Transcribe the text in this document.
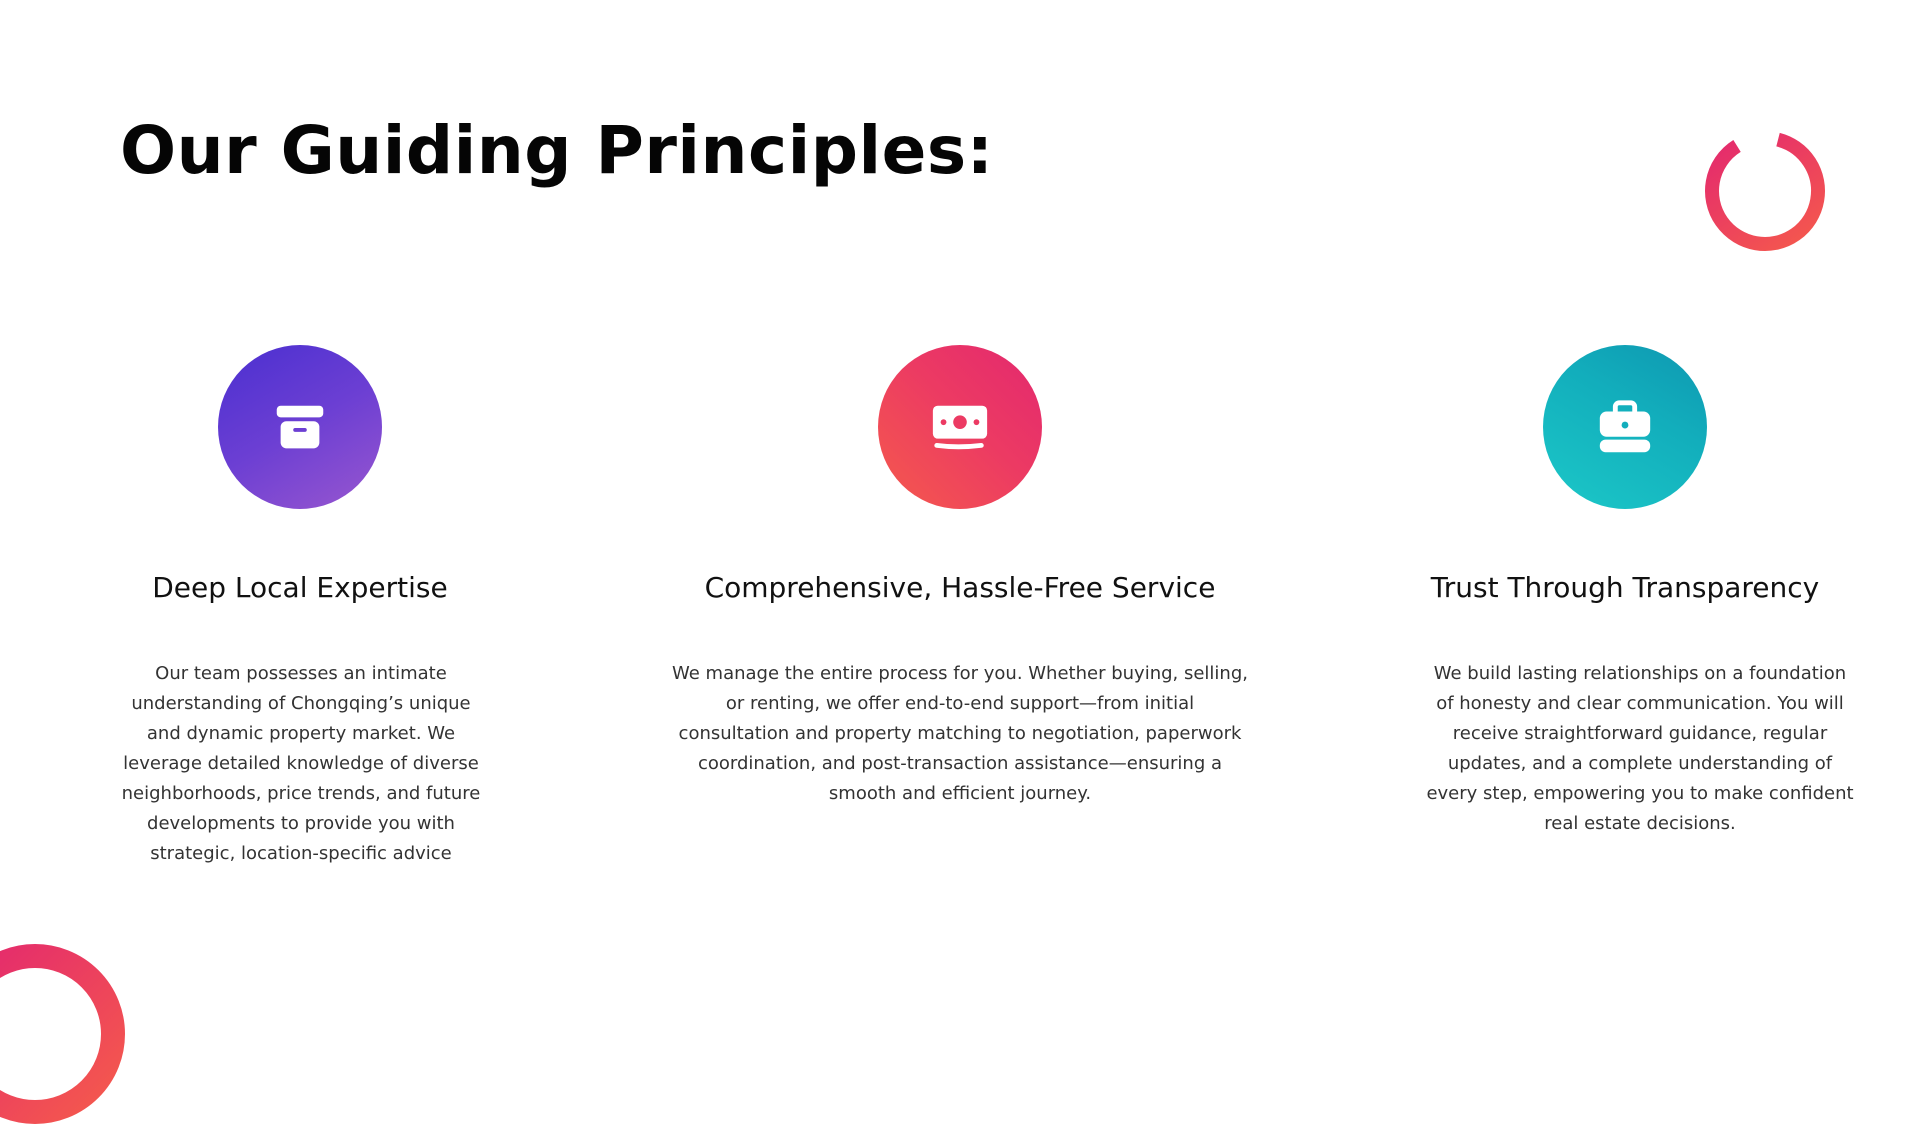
Our Guiding Principles:
Deep Local Expertise

Our team possesses an intimate understanding of Chongqing’s unique and dynamic property market. We leverage detailed knowledge of diverse neighborhoods, price trends, and future developments to provide you with strategic, location-specific advice

Comprehensive, Hassle-Free Service

We manage the entire process for you. Whether buying, selling, or renting, we offer end-to-end support—from initial consultation and property matching to negotiation, paperwork coordination, and post-transaction assistance—ensuring a smooth and efficient journey.

Trust Through Transparency

We build lasting relationships on a foundation of honesty and clear communication. You will receive straightforward guidance, regular updates, and a complete understanding of every step, empowering you to make confident real estate decisions.
